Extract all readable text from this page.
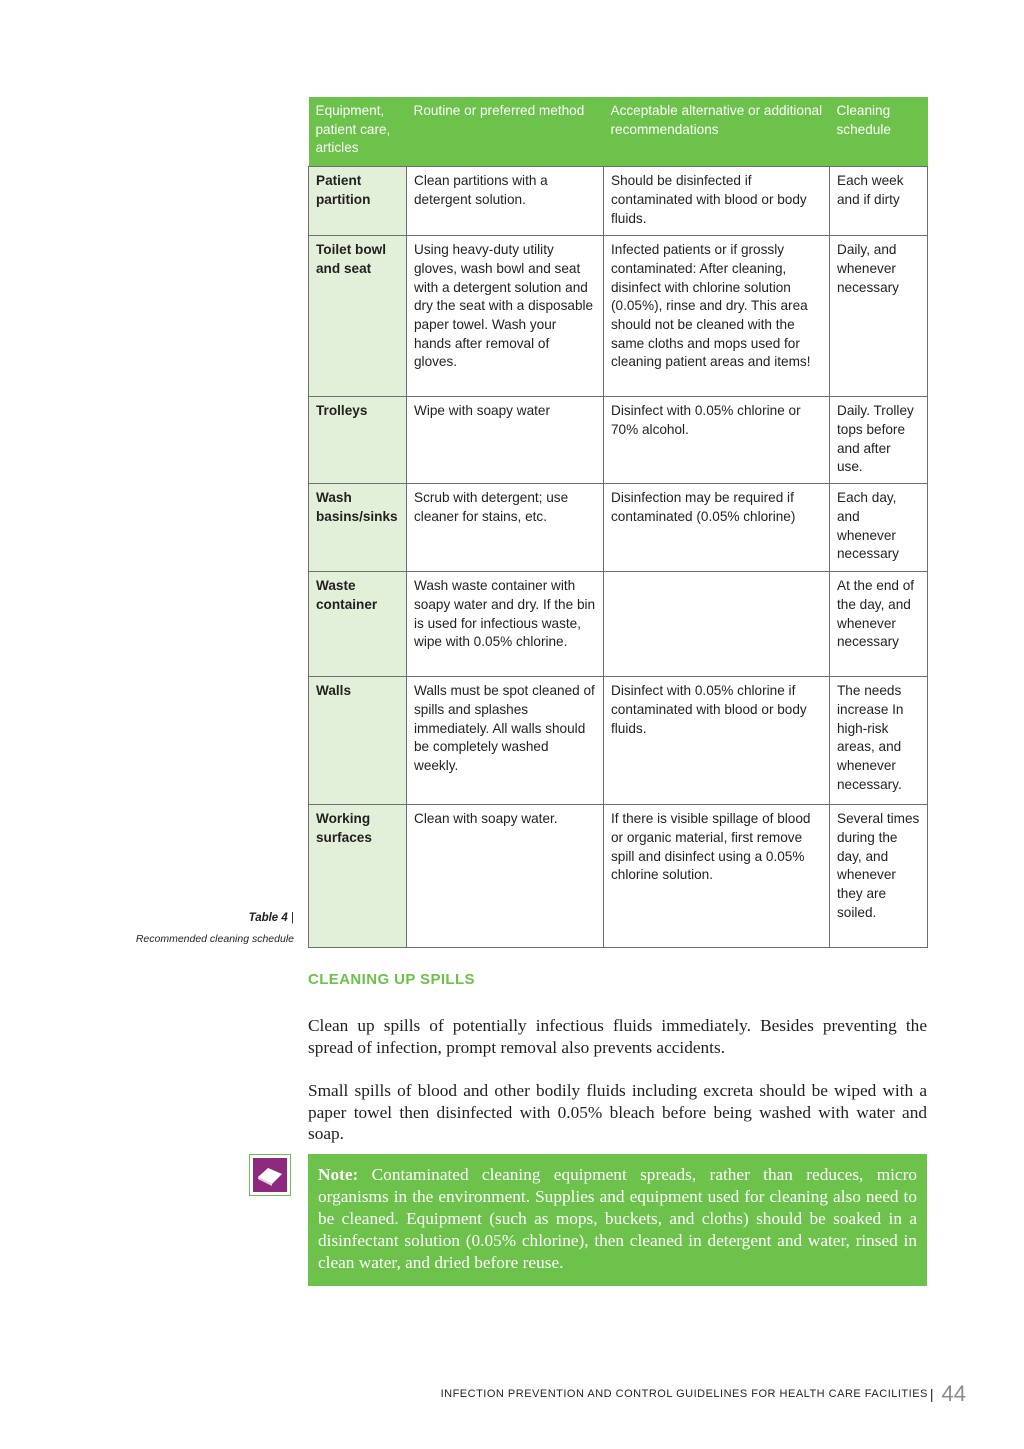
Equipment, patient care, articles	Routine or preferred method	Acceptable alternative or additional recommendations	Cleaning schedule
Patient partition	Clean partitions with a detergent solution.	Should be disinfected if contaminated with blood or body fluids.	Each week and if dirty
Toilet bowl and seat	Using heavy-duty utility gloves, wash bowl and seat with a detergent solution and dry the seat with a disposable paper towel. Wash your hands after removal of gloves.	Infected patients or if grossly contaminated: After cleaning, disinfect with chlorine solution (0.05%), rinse and dry. This area should not be cleaned with the same cloths and mops used for cleaning patient areas and items!	Daily, and whenever necessary
Trolleys	Wipe with soapy water	Disinfect with 0.05% chlorine or 70% alcohol.	Daily. Trolley tops before and after use.
Wash basins/sinks	Scrub with detergent; use cleaner for stains, etc.	Disinfection may be required if contaminated (0.05% chlorine)	Each day, and whenever necessary
Waste container	Wash waste container with soapy water and dry. If the bin is used for infectious waste, wipe with 0.05% chlorine.		At the end of the day, and whenever necessary
Walls	Walls must be spot cleaned of spills and splashes immediately. All walls should be completely washed weekly.	Disinfect with 0.05% chlorine if contaminated with blood or body fluids.	The needs increase In high-risk areas, and whenever necessary.
Working surfaces	Clean with soapy water.	If there is visible spillage of blood or organic material, first remove spill and disinfect using a 0.05% chlorine solution.	Several times during the day, and whenever they are soiled.
Table 4 |
Recommended cleaning schedule
CLEANING UP SPILLS

Clean up spills of potentially infectious fluids immediately. Besides preventing the spread of infection, prompt removal also prevents accidents.

Small spills of blood and other bodily fluids including excreta should be wiped with a paper towel then disinfected with 0.05% bleach before being washed with water and soap.

Note: Contaminated cleaning equipment spreads, rather than reduces, micro organisms in the environment. Supplies and equipment used for cleaning also need to be cleaned. Equipment (such as mops, buckets, and cloths) should be soaked in a disinfectant solution (0.05% chlorine), then cleaned in detergent and water, rinsed in clean water, and dried before reuse.
INFECTION PREVENTION AND CONTROL GUIDELINES FOR HEALTH CARE FACILITIES | 44
